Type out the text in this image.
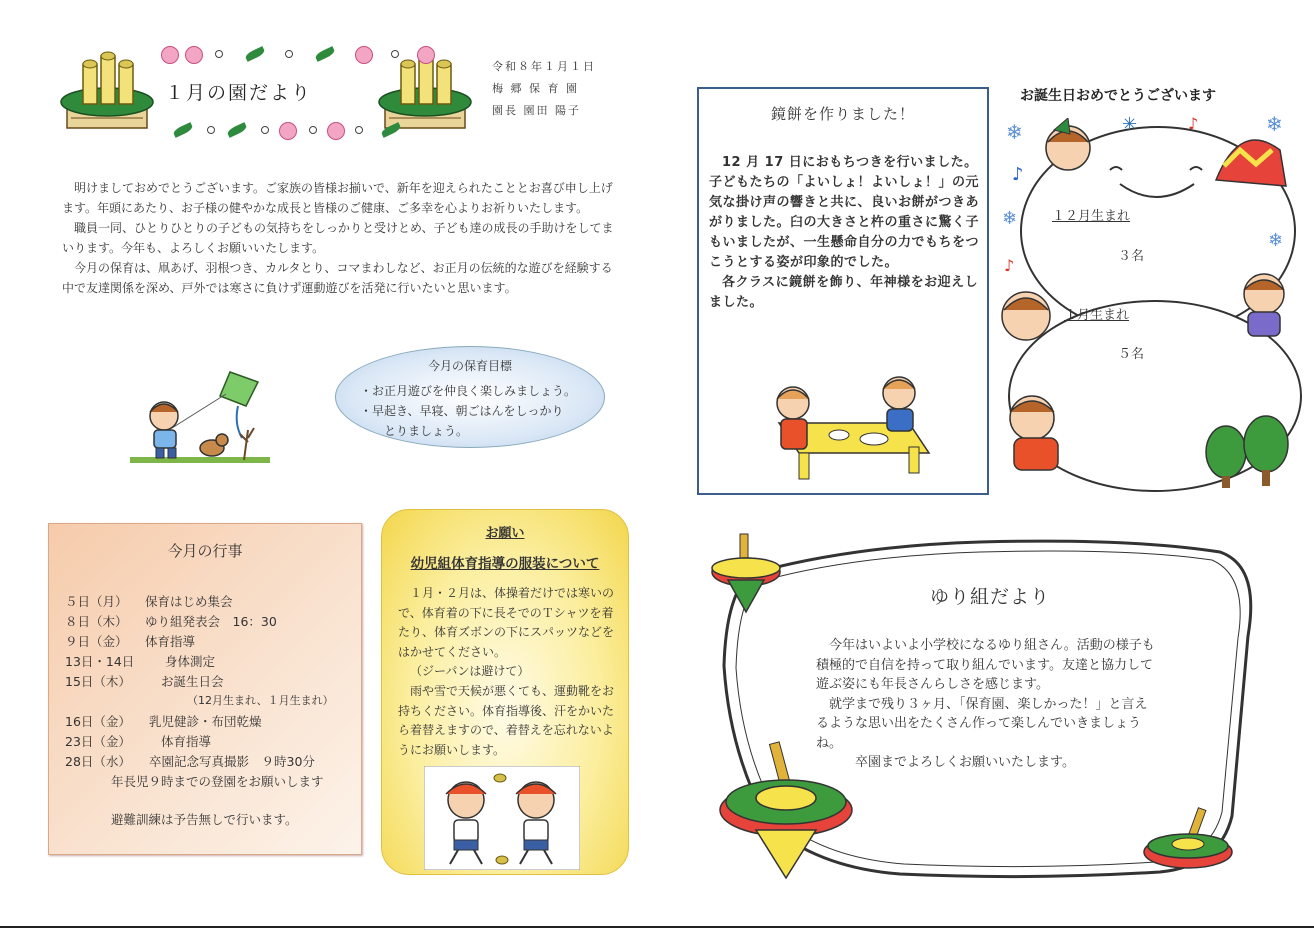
１月の園だより
令和８年１月１日
梅 郷 保 育 園
園長 園田 陽子

明けましておめでとうございます。ご家族の皆様お揃いで、新年を迎えられたこととお喜び申し上げます。年頭にあたり、お子様の健やかな成長と皆様のご健康、ご多幸を心よりお祈りいたします。

職員一同、ひとりひとりの子どもの気持ちをしっかりと受けとめ、子ども達の成長の手助けをしてまいります。今年も、よろしくお願いいたします。

今月の保育は、凧あげ、羽根つき、カルタとり、コマまわしなど、お正月の伝統的な遊びを経験する中で友達関係を深め、戸外では寒さに負けず運動遊びを活発に行いたいと思います。

今月の保育目標
・お正月遊びを仲良く楽しみましょう。
・早起き、早寝、朝ごはんをしっかり
　　とりましょう。
今月の行事
５日（月） 保育はじめ集会
８日（木） ゆり組発表会　16：30
９日（金） 体育指導
13日・14日 身体測定
15日（木） お誕生日会
（12月生まれ、１月生まれ）
16日（金） 乳児健診・布団乾燥
23日（金） 体育指導
28日（水） 卒園記念写真撮影　９時30分
年長児９時までの登園をお願いします
避難訓練は予告無しで行います。
お願い
幼児組体育指導の服装について

１月・２月は、体操着だけでは寒いので、体育着の下に長そでのＴシャツを着たり、体育ズボンの下にスパッツなどをはかせてください。

（ジーパンは避けて）

雨や雪で天候が悪くても、運動靴をお持ちください。体育指導後、汗をかいたら着替えますので、着替えを忘れないようにお願いします。

鏡餅を作りました！

12 月 17 日におもちつきを行いました。子どもたちの「よいしょ！よいしょ！」の元気な掛け声の響きと共に、良いお餅がつきあがりました。臼の大きさと杵の重さに驚く子もいましたが、一生懸命自分の力でもちをつこうとする姿が印象的でした。

各クラスに鏡餅を飾り、年神様をお迎えしました。

お誕生日おめでとうございます
❄	❄
❄
❄
✳
♪
♪
♪
１２月生まれ
３名
１月生まれ
５名
ゆり組だより

今年はいよいよ小学校になるゆり組さん。活動の様子も積極的で自信を持って取り組んでいます。友達と協力して遊ぶ姿にも年長さんらしさを感じます。

就学まで残り３ヶ月、「保育園、楽しかった！」と言えるような思い出をたくさん作って楽しんでいきましょうね。

　　卒園までよろしくお願いいたします。
